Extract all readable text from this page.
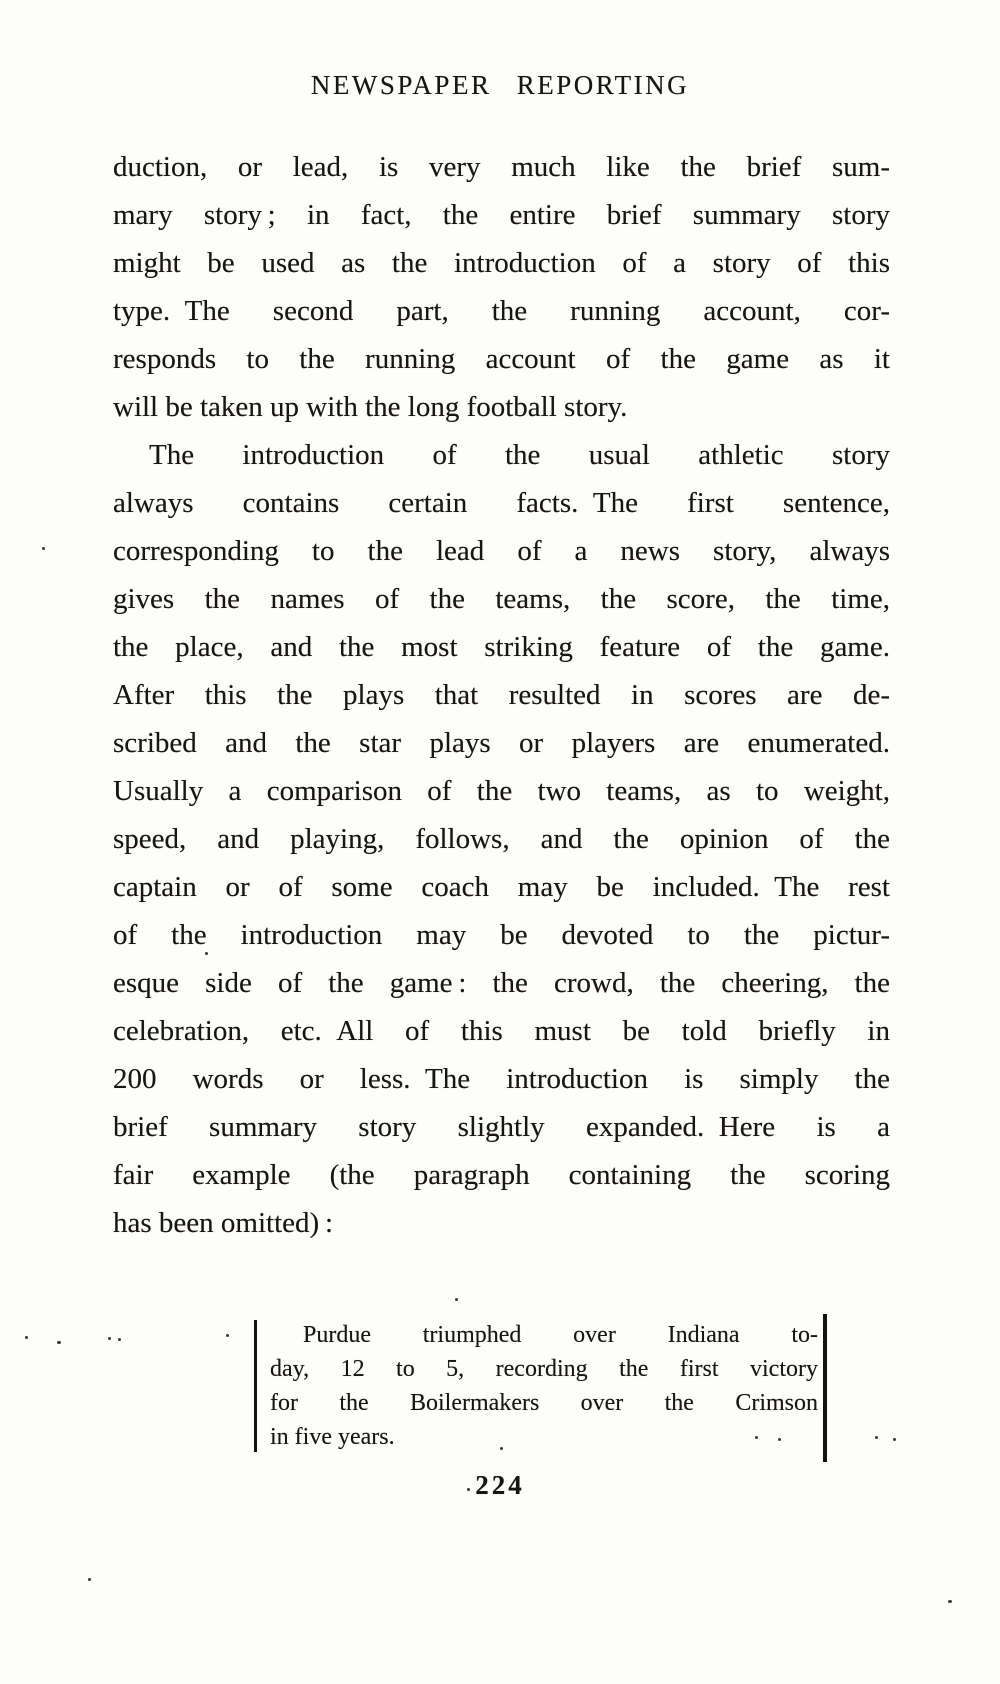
NEWSPAPER REPORTING
duction, or lead, is very much like the brief sum-
mary story ; in fact, the entire brief summary story
might be used as the introduction of a story of this
type. The second part, the running account, cor-
responds to the running account of the game as it
will be taken up with the long football story.
The introduction of the usual athletic story
always contains certain facts. The first sentence,
corresponding to the lead of a news story, always
gives the names of the teams, the score, the time,
the place, and the most striking feature of the game.
After this the plays that resulted in scores are de-
scribed and the star plays or players are enumerated.
Usually a comparison of the two teams, as to weight,
speed, and playing, follows, and the opinion of the
captain or of some coach may be included. The rest
of the introduction may be devoted to the pictur-
esque side of the game : the crowd, the cheering, the
celebration, etc. All of this must be told briefly in
200 words or less. The introduction is simply the
brief summary story slightly expanded. Here is a
fair example (the paragraph containing the scoring
has been omitted) :
Purdue triumphed over Indiana to-
day, 12 to 5, recording the first victory
for the Boilermakers over the Crimson
in five years.
224
